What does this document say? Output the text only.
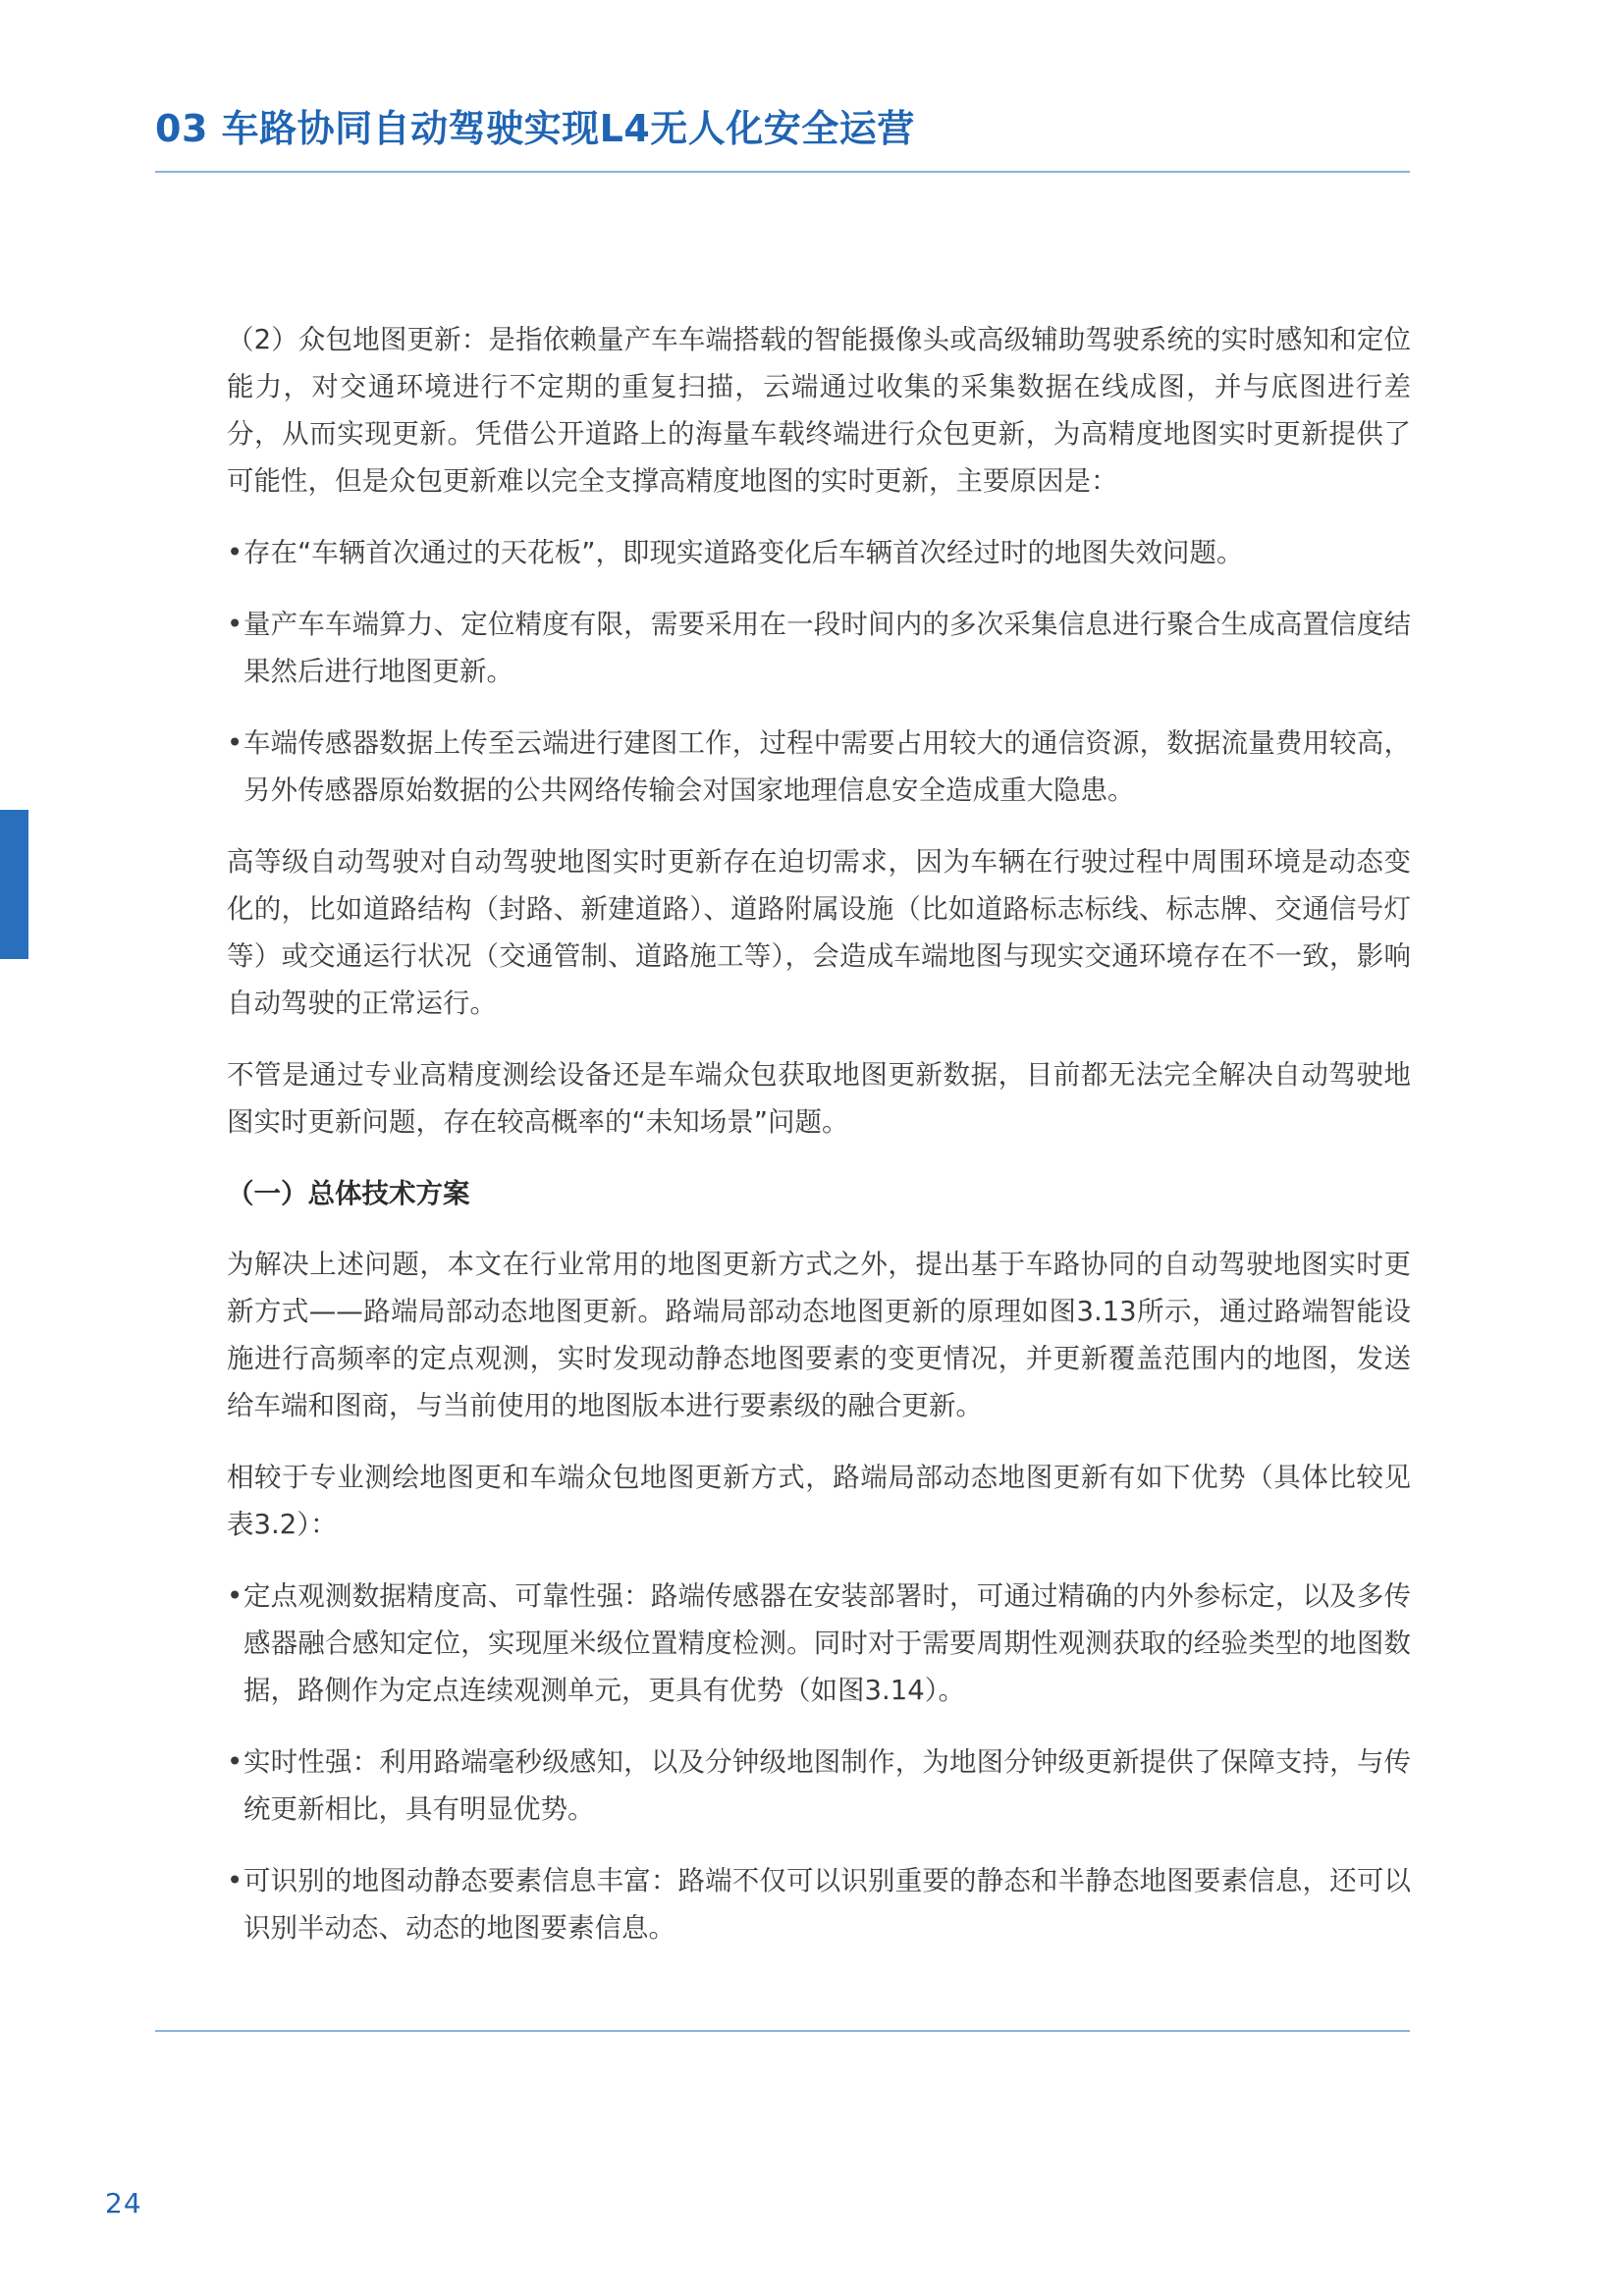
03 车路协同自动驾驶实现L4无人化安全运营

（2）众包地图更新：是指依赖量产车车端搭载的智能摄像头或高级辅助驾驶系统的实时感知和定位能力，对交通环境进行不定期的重复扫描，云端通过收集的采集数据在线成图，并与底图进行差分，从而实现更新。凭借公开道路上的海量车载终端进行众包更新，为高精度地图实时更新提供了可能性，但是众包更新难以完全支撑高精度地图的实时更新，主要原因是：

• 存在“车辆首次通过的天花板”，即现实道路变化后车辆首次经过时的地图失效问题。
• 量产车车端算力、定位精度有限，需要采用在一段时间内的多次采集信息进行聚合生成高置信度结果然后进行地图更新。
• 车端传感器数据上传至云端进行建图工作，过程中需要占用较大的通信资源，数据流量费用较高，另外传感器原始数据的公共网络传输会对国家地理信息安全造成重大隐患。

高等级自动驾驶对自动驾驶地图实时更新存在迫切需求，因为车辆在行驶过程中周围环境是动态变化的，比如道路结构（封路、新建道路）、道路附属设施（比如道路标志标线、标志牌、交通信号灯等）或交通运行状况（交通管制、道路施工等），会造成车端地图与现实交通环境存在不一致，影响自动驾驶的正常运行。

不管是通过专业高精度测绘设备还是车端众包获取地图更新数据，目前都无法完全解决自动驾驶地图实时更新问题，存在较高概率的“未知场景”问题。

（一）总体技术方案

为解决上述问题，本文在行业常用的地图更新方式之外，提出基于车路协同的自动驾驶地图实时更新方式——路端局部动态地图更新。路端局部动态地图更新的原理如图3.13所示，通过路端智能设施进行高频率的定点观测，实时发现动静态地图要素的变更情况，并更新覆盖范围内的地图，发送给车端和图商，与当前使用的地图版本进行要素级的融合更新。

相较于专业测绘地图更和车端众包地图更新方式，路端局部动态地图更新有如下优势（具体比较见表3.2）：

• 定点观测数据精度高、可靠性强：路端传感器在安装部署时，可通过精确的内外参标定，以及多传感器融合感知定位，实现厘米级位置精度检测。同时对于需要周期性观测获取的经验类型的地图数据，路侧作为定点连续观测单元，更具有优势（如图3.14）。
• 实时性强：利用路端毫秒级感知，以及分钟级地图制作，为地图分钟级更新提供了保障支持，与传统更新相比，具有明显优势。
• 可识别的地图动静态要素信息丰富：路端不仅可以识别重要的静态和半静态地图要素信息，还可以识别半动态、动态的地图要素信息。
24
